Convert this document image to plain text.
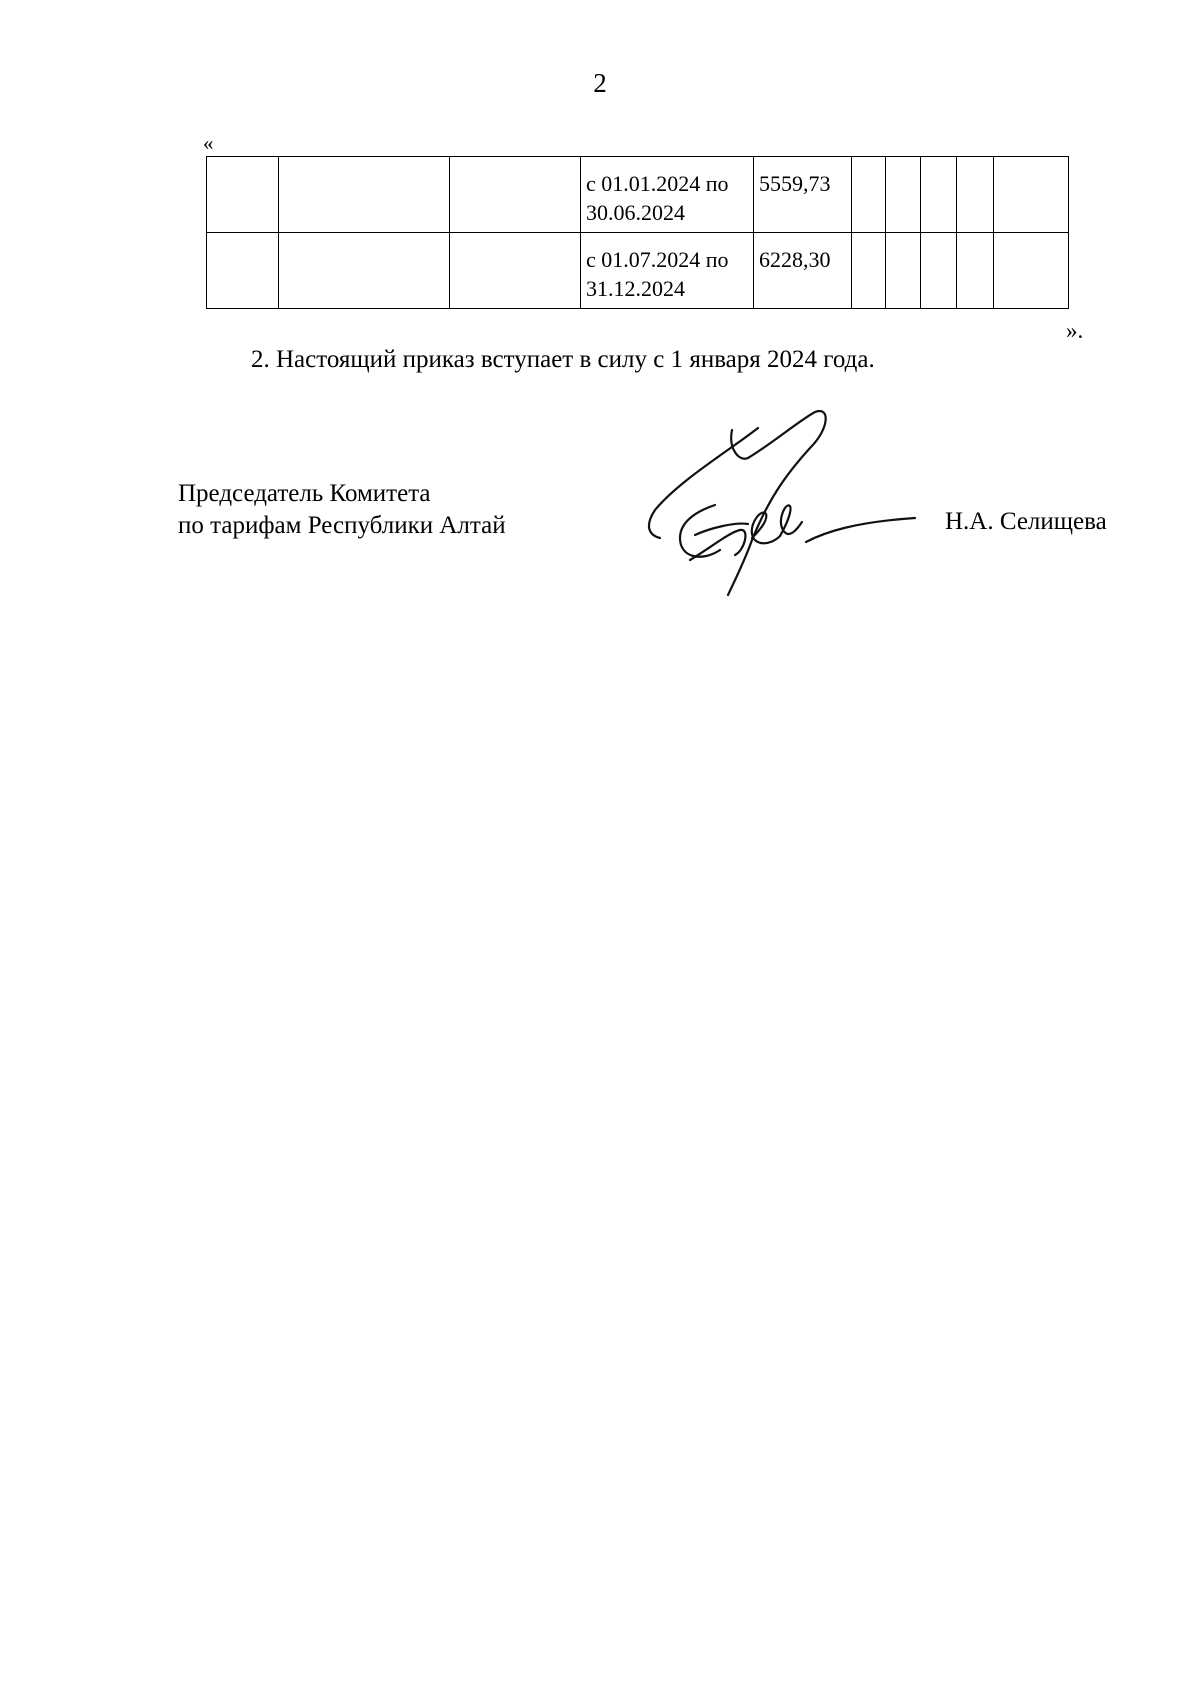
2
«
			с 01.01.2024 по 30.06.2024	5559,73					
			с 01.07.2024 по 31.12.2024	6228,30					
».
2. Настоящий приказ вступает в силу с 1 января 2024 года.
Председатель Комитета
по тарифам Республики Алтай	Н.А. Селищева
